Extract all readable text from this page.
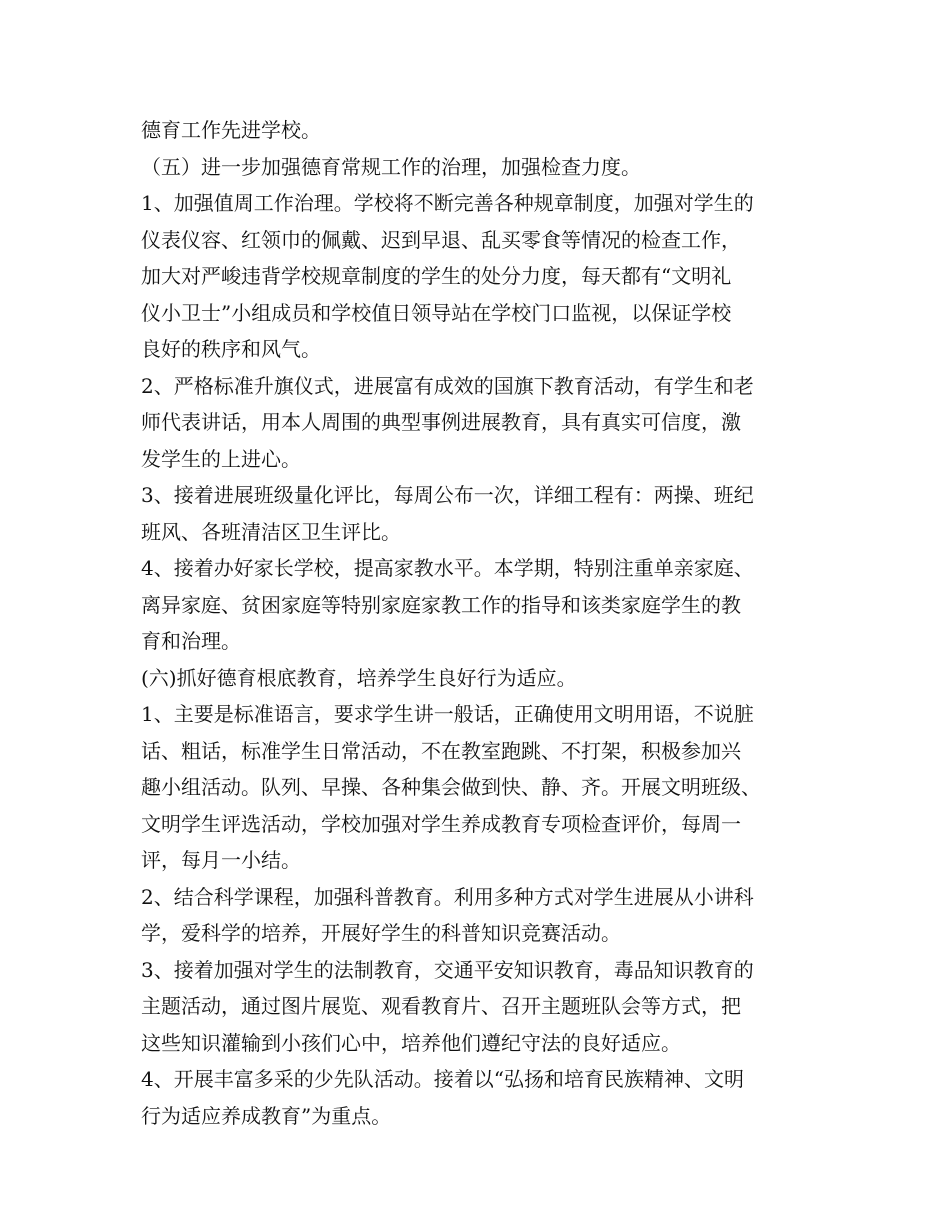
德育工作先进学校。

（五）进一步加强德育常规工作的治理，加强检查力度。

1、加强值周工作治理。学校将不断完善各种规章制度，加强对学生的

仪表仪容、红领巾的佩戴、迟到早退、乱买零食等情况的检查工作，

加大对严峻违背学校规章制度的学生的处分力度，每天都有“文明礼

仪小卫士”小组成员和学校值日领导站在学校门口监视，以保证学校

良好的秩序和风气。

2、严格标准升旗仪式，进展富有成效的国旗下教育活动，有学生和老

师代表讲话，用本人周围的典型事例进展教育，具有真实可信度，激

发学生的上进心。

3、接着进展班级量化评比，每周公布一次，详细工程有：两操、班纪

班风、各班清洁区卫生评比。

4、接着办好家长学校，提高家教水平。本学期，特别注重单亲家庭、

离异家庭、贫困家庭等特别家庭家教工作的指导和该类家庭学生的教

育和治理。

(六)抓好德育根底教育，培养学生良好行为适应。

1、主要是标准语言，要求学生讲一般话，正确使用文明用语，不说脏

话、粗话，标准学生日常活动，不在教室跑跳、不打架，积极参加兴

趣小组活动。队列、早操、各种集会做到快、静、齐。开展文明班级、

文明学生评选活动，学校加强对学生养成教育专项检查评价，每周一

评，每月一小结。

2、结合科学课程，加强科普教育。利用多种方式对学生进展从小讲科

学，爱科学的培养，开展好学生的科普知识竞赛活动。

3、接着加强对学生的法制教育，交通平安知识教育，毒品知识教育的

主题活动，通过图片展览、观看教育片、召开主题班队会等方式，把

这些知识灌输到小孩们心中，培养他们遵纪守法的良好适应。

4、开展丰富多采的少先队活动。接着以“弘扬和培育民族精神、文明

行为适应养成教育”为重点。
